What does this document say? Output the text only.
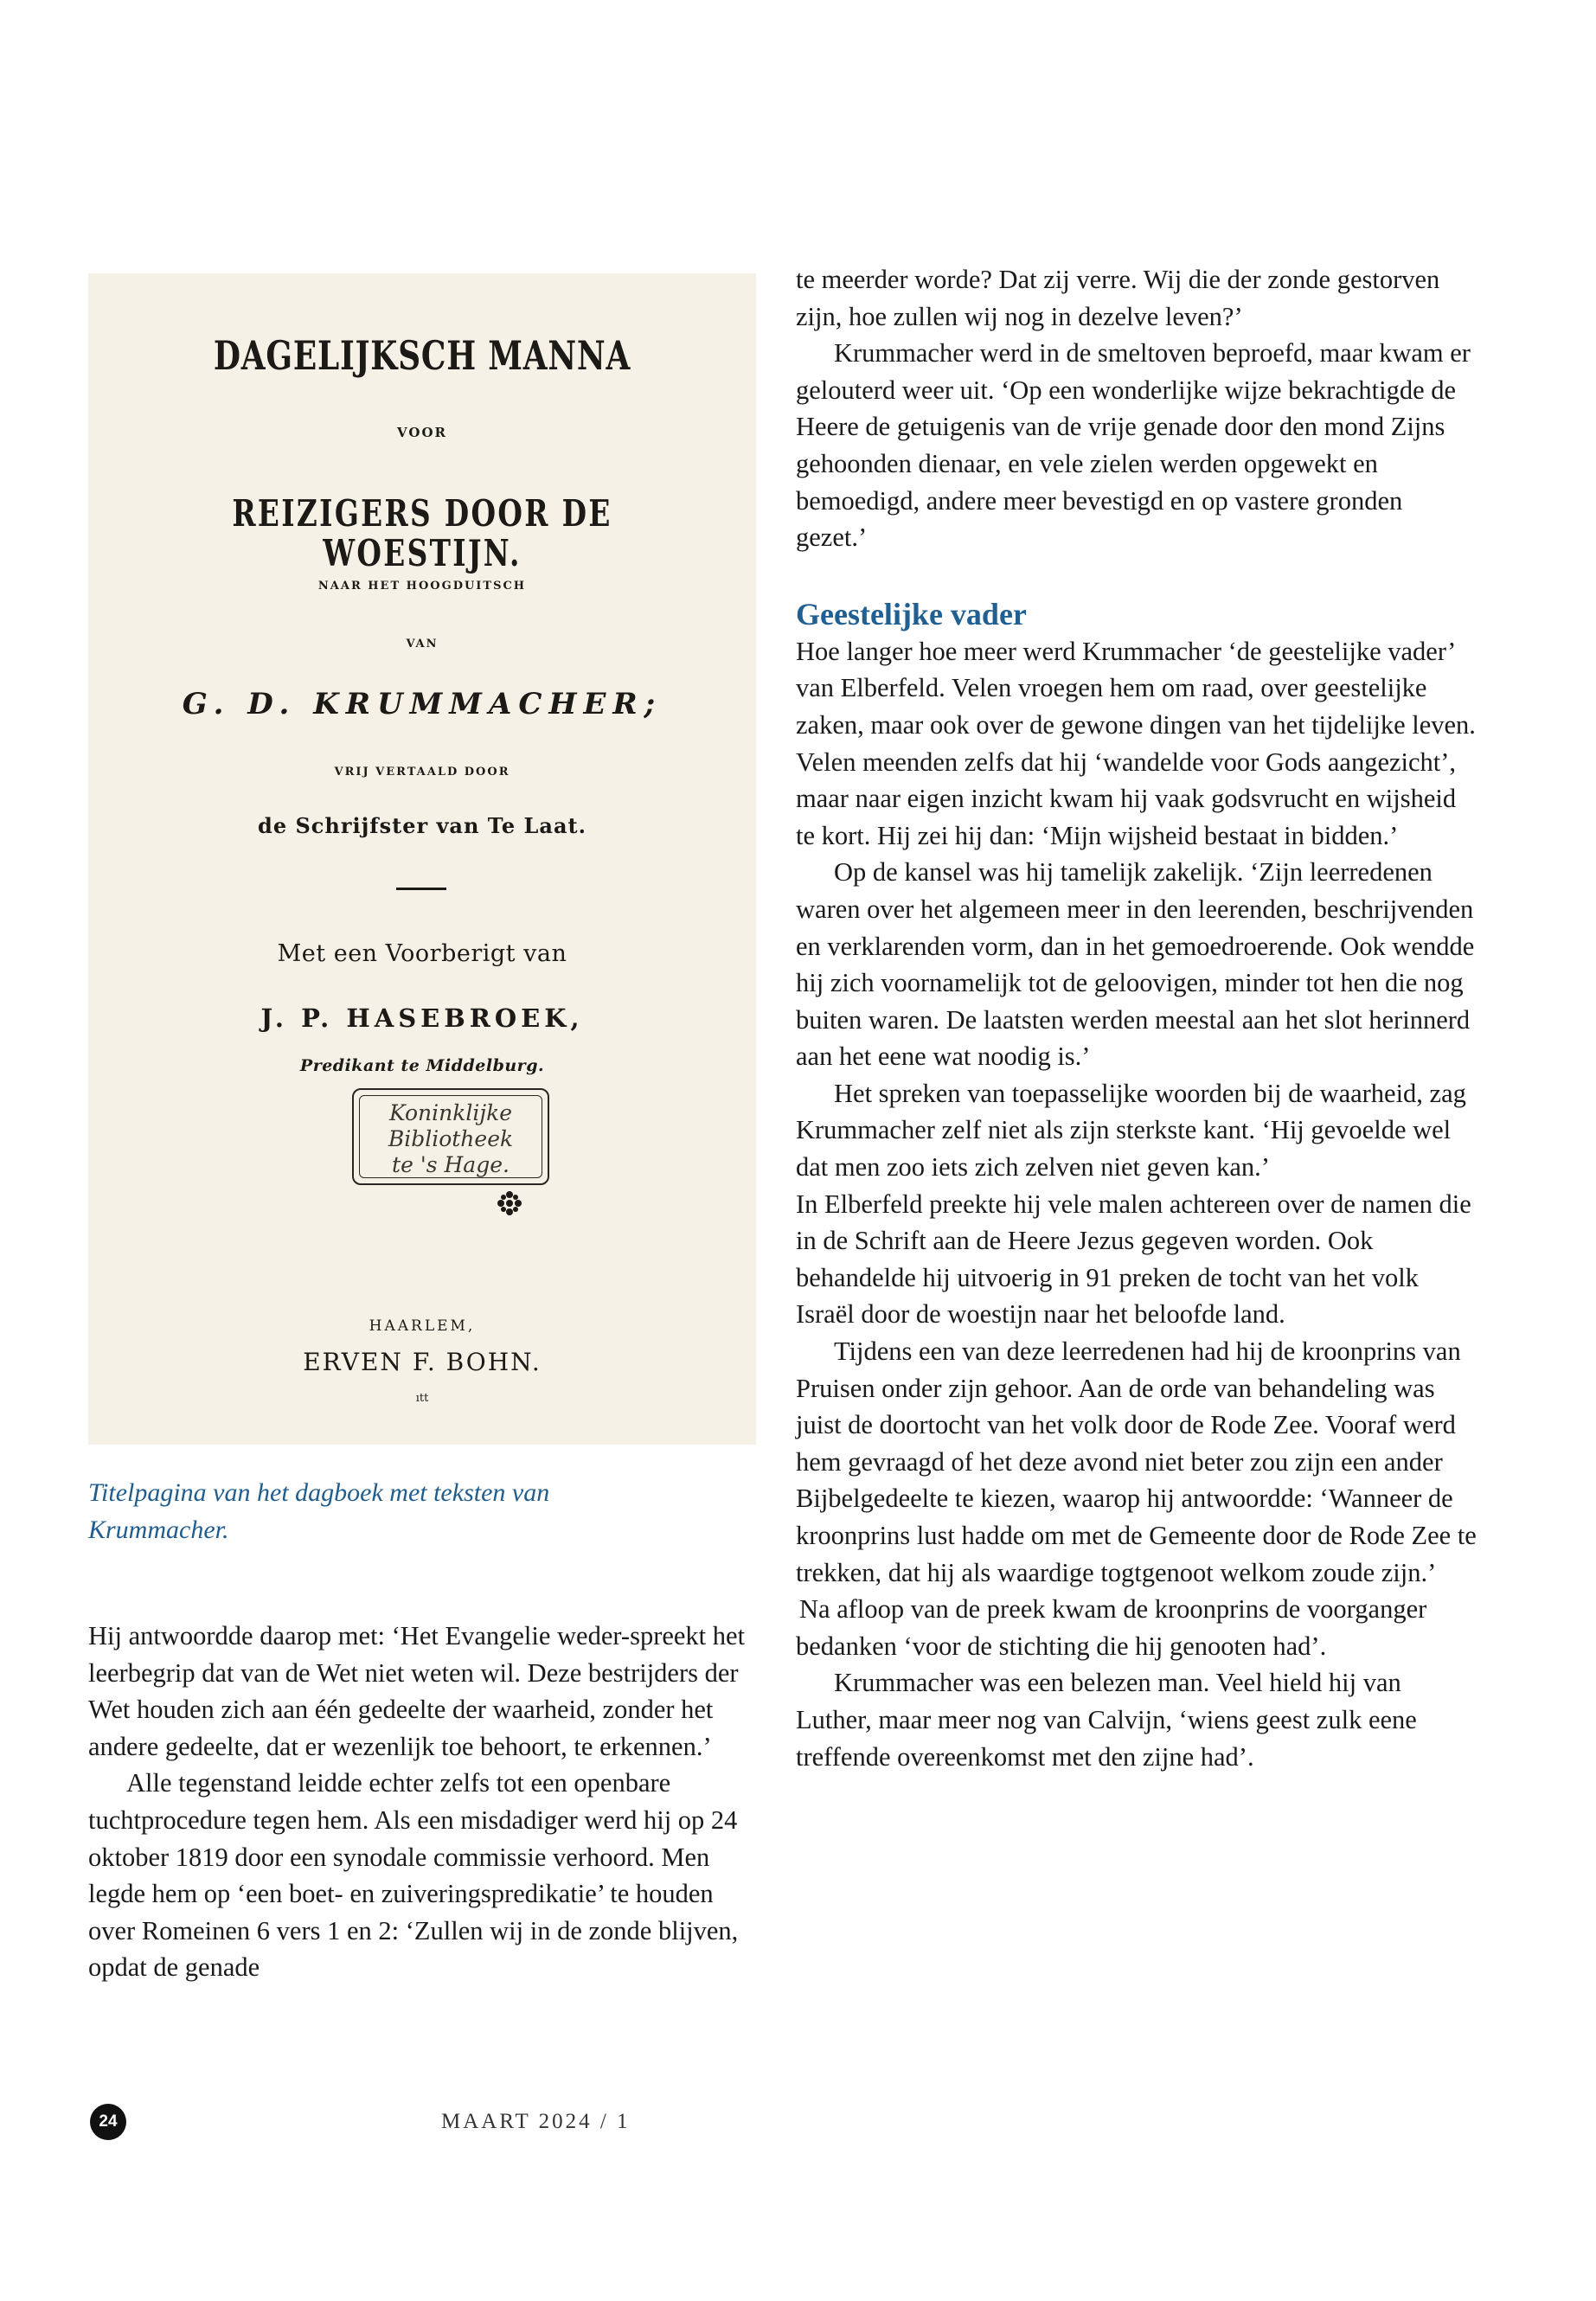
DAGELIJKSCH MANNA

VOOR

REIZIGERS DOOR DE WOESTIJN.

NAAR HET HOOGDUITSCH

VAN

G. D. KRUMMACHER;

VRIJ VERTAALD DOOR

de Schrijfster van Te Laat.

Met een Voorberigt van

J. P. HASEBROEK,

Predikant te Middelburg.

Koninklijke
Bibliotheek
te 's Hage.

HAARLEM,

ERVEN F. BOHN.

ıtt

Titelpagina van het dagboek met teksten van Krummacher.

Hij antwoordde daarop met: ‘Het Evangelie weder-spreekt het leerbegrip dat van de Wet niet weten wil. Deze bestrijders der Wet houden zich aan één gedeelte der waarheid, zonder het andere gedeelte, dat er wezenlijk toe behoort, te erkennen.’

Alle tegenstand leidde echter zelfs tot een openbare tuchtprocedure tegen hem. Als een misdadiger werd hij op 24 oktober 1819 door een synodale commissie verhoord. Men legde hem op ‘een boet- en zuiveringspredikatie’ te houden over Romeinen 6 vers 1 en 2: ‘Zullen wij in de zonde blijven, opdat de genade

te meerder worde? Dat zij verre. Wij die der zonde gestorven zijn, hoe zullen wij nog in dezelve leven?’

Krummacher werd in de smeltoven beproefd, maar kwam er gelouterd weer uit. ‘Op een wonderlijke wijze bekrachtigde de Heere de getuigenis van de vrije genade door den mond Zijns gehoonden dienaar, en vele zielen werden opgewekt en bemoedigd, andere meer bevestigd en op vastere gronden gezet.’

Geestelijke vader

Hoe langer hoe meer werd Krummacher ‘de geestelijke vader’ van Elberfeld. Velen vroegen hem om raad, over geestelijke zaken, maar ook over de gewone dingen van het tijdelijke leven. Velen meenden zelfs dat hij ‘wandelde voor Gods aangezicht’, maar naar eigen inzicht kwam hij vaak godsvrucht en wijsheid te kort. Hij zei hij dan: ‘Mijn wijsheid bestaat in bidden.’

Op de kansel was hij tamelijk zakelijk. ‘Zijn leerredenen waren over het algemeen meer in den leerenden, beschrijvenden en verklarenden vorm, dan in het gemoedroerende. Ook wendde hij zich voornamelijk tot de geloovigen, minder tot hen die nog buiten waren. De laatsten werden meestal aan het slot herinnerd aan het eene wat noodig is.’

Het spreken van toepasselijke woorden bij de waarheid, zag Krummacher zelf niet als zijn sterkste kant. ‘Hij gevoelde wel dat men zoo iets zich zelven niet geven kan.’

In Elberfeld preekte hij vele malen achtereen over de namen die in de Schrift aan de Heere Jezus gegeven worden. Ook behandelde hij uitvoerig in 91 preken de tocht van het volk Israël door de woestijn naar het beloofde land.

Tijdens een van deze leerredenen had hij de kroonprins van Pruisen onder zijn gehoor. Aan de orde van behandeling was juist de doortocht van het volk door de Rode Zee. Vooraf werd hem gevraagd of het deze avond niet beter zou zijn een ander Bijbelgedeelte te kiezen, waarop hij antwoordde: ‘Wanneer de kroonprins lust hadde om met de Gemeente door de Rode Zee te trekken, dat hij als waardige togtgenoot welkom zoude zijn.’

Na afloop van de preek kwam de kroonprins de voorganger bedanken ‘voor de stichting die hij genooten had’.

Krummacher was een belezen man. Veel hield hij van Luther, maar meer nog van Calvijn, ‘wiens geest zulk eene treffende overeenkomst met den zijne had’.

24	MAART 2024 / 1
